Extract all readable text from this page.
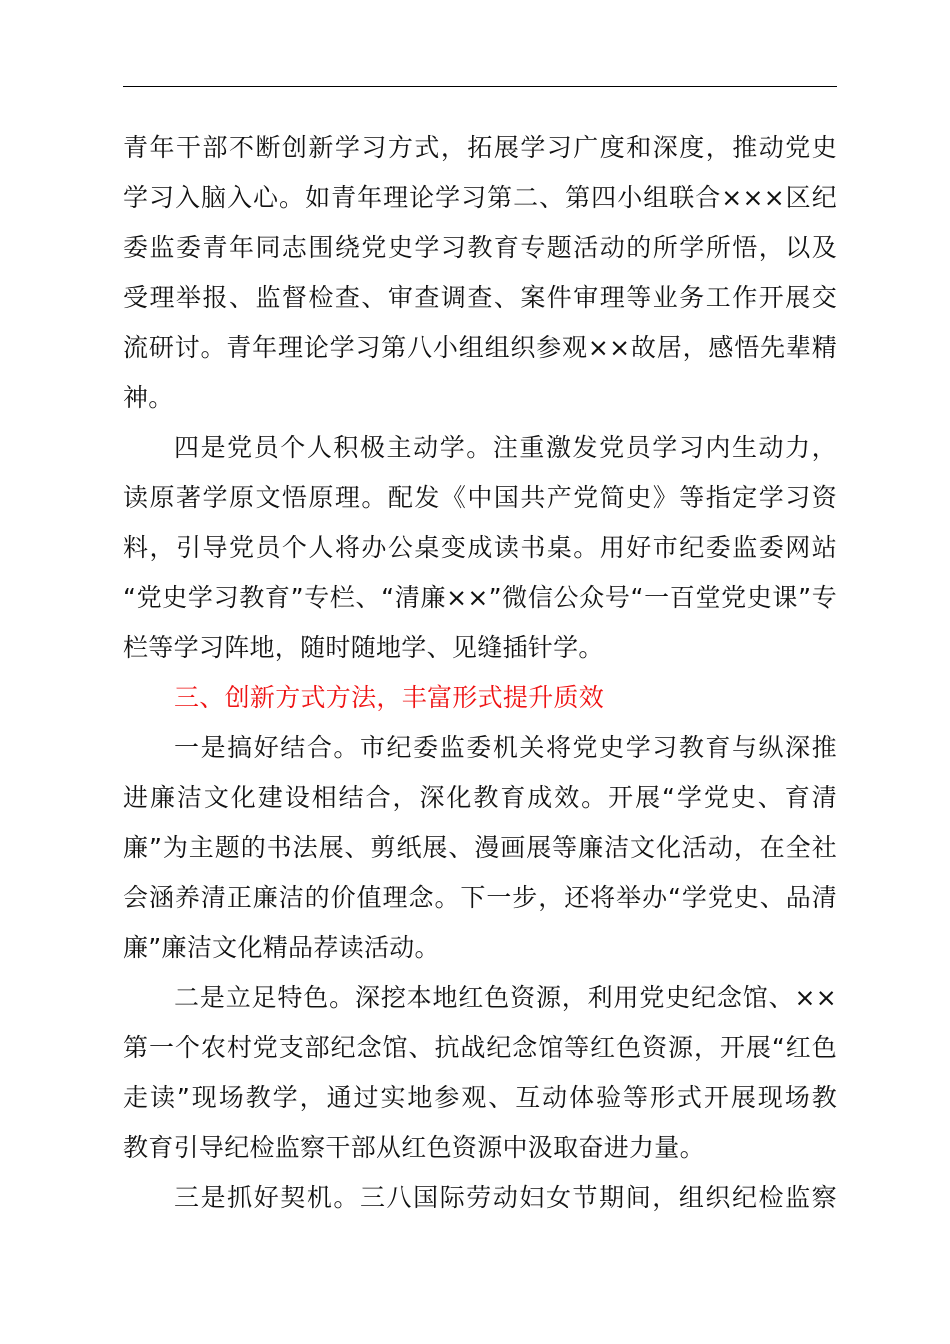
青年干部不断创新学习方式，拓展学习广度和深度，推动党史
学习入脑入心。如青年理论学习第二、第四小组联合×××区纪
委监委青年同志围绕党史学习教育专题活动的所学所悟，以及
受理举报、监督检查、审查调查、案件审理等业务工作开展交
流研讨。青年理论学习第八小组组织参观××故居，感悟先辈精
神。
四是党员个人积极主动学。注重激发党员学习内生动力，
读原著学原文悟原理。配发《中国共产党简史》等指定学习资
料，引导党员个人将办公桌变成读书桌。用好市纪委监委网站
“党史学习教育”专栏、“清廉××”微信公众号“一百堂党史课”专
栏等学习阵地，随时随地学、见缝插针学。
三、创新方式方法，丰富形式提升质效
一是搞好结合。市纪委监委机关将党史学习教育与纵深推
进廉洁文化建设相结合，深化教育成效。开展“学党史、育清
廉”为主题的书法展、剪纸展、漫画展等廉洁文化活动，在全社
会涵养清正廉洁的价值理念。下一步，还将举办“学党史、品清
廉”廉洁文化精品荐读活动。
二是立足特色。深挖本地红色资源，利用党史纪念馆、××
第一个农村党支部纪念馆、抗战纪念馆等红色资源，开展“红色
走读”现场教学，通过实地参观、互动体验等形式开展现场教
教育引导纪检监察干部从红色资源中汲取奋进力量。
三是抓好契机。三八国际劳动妇女节期间，组织纪检监察
